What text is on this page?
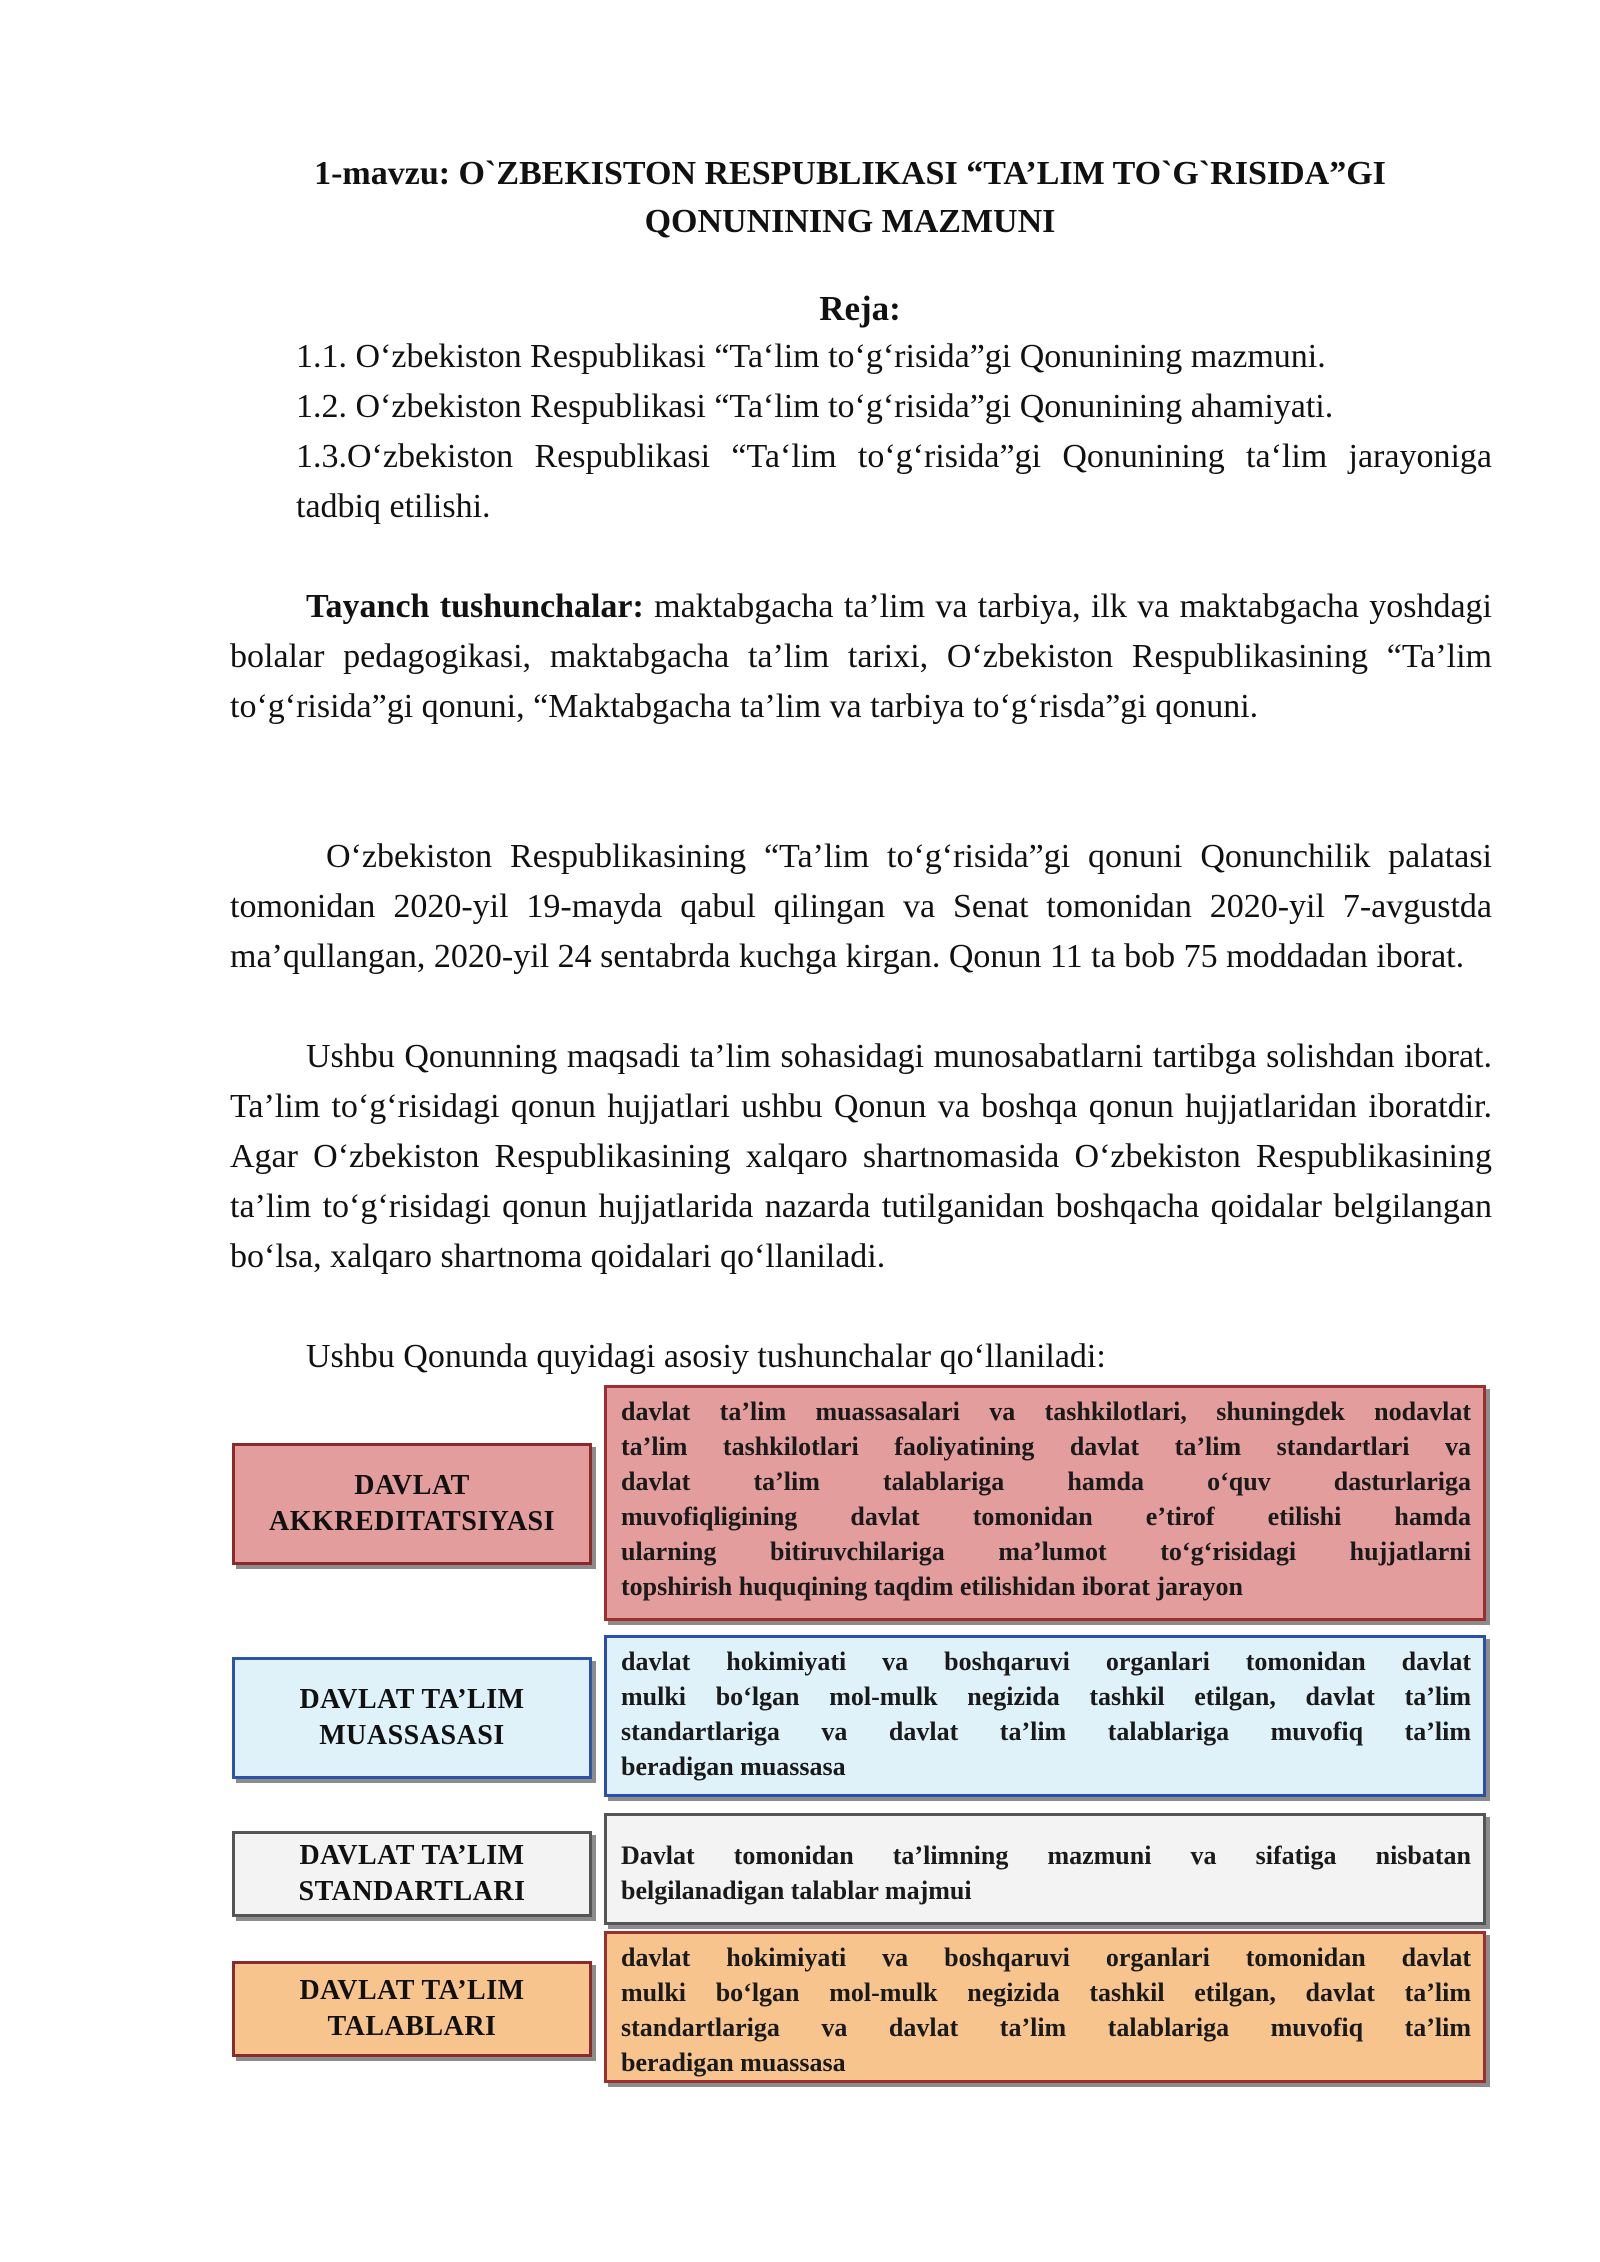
1-mavzu: O`ZBEKISTON RESPUBLIKASI “TA’LIM TO`G`RISIDA”GI
QONUNINING MAZMUNI
Reja:

1.1. O‘zbekiston Respublikasi “Ta‘lim to‘g‘risida”gi Qonunining mazmuni.

1.2. O‘zbekiston Respublikasi “Ta‘lim to‘g‘risida”gi Qonunining ahamiyati.

1.3.O‘zbekiston Respublikasi “Ta‘lim to‘g‘risida”gi Qonunining ta‘lim jarayoniga tadbiq etilishi.

Tayanch tushunchalar: maktabgacha ta’lim va tarbiya, ilk va maktabgacha yoshdagi bolalar pedagogikasi, maktabgacha ta’lim tarixi, O‘zbekiston Respublikasining “Ta’lim to‘g‘risida”gi qonuni, “Maktabgacha ta’lim va tarbiya to‘g‘risda”gi qonuni.

O‘zbekiston Respublikasining “Ta’lim to‘g‘risida”gi qonuni Qonunchilik palatasi tomonidan 2020-yil 19-mayda qabul qilingan va Senat tomonidan 2020-yil 7-avgustda ma’qullangan, 2020-yil 24 sentabrda kuchga kirgan. Qonun 11 ta bob 75 moddadan iborat.

Ushbu Qonunning maqsadi ta’lim sohasidagi munosabatlarni tartibga solishdan iborat. Ta’lim to‘g‘risidagi qonun hujjatlari ushbu Qonun va boshqa qonun hujjatlaridan iboratdir. Agar O‘zbekiston Respublikasining xalqaro shartnomasida O‘zbekiston Respublikasining ta’lim to‘g‘risidagi qonun hujjatlarida nazarda tutilganidan boshqacha qoidalar belgilangan bo‘lsa, xalqaro shartnoma qoidalari qo‘llaniladi.

Ushbu Qonunda quyidagi asosiy tushunchalar qo‘llaniladi:

DAVLAT
AKKREDITATSIYASI
davlat ta’lim muassasalari va tashkilotlari, shuningdek nodavlat
ta’lim tashkilotlari faoliyatining davlat ta’lim standartlari va
davlat ta’lim talablariga hamda o‘quv dasturlariga
muvofiqligining davlat tomonidan e’tirof etilishi hamda
ularning bitiruvchilariga ma’lumot to‘g‘risidagi hujjatlarni
topshirish huquqining taqdim etilishidan iborat jarayon
DAVLAT TA’LIM
MUASSASASI
davlat hokimiyati va boshqaruvi organlari tomonidan davlat
mulki bo‘lgan mol-mulk negizida tashkil etilgan, davlat ta’lim
standartlariga va davlat ta’lim talablariga muvofiq ta’lim
beradigan muassasa
DAVLAT TA’LIM
STANDARTLARI
Davlat tomonidan ta’limning mazmuni va sifatiga nisbatan
belgilanadigan talablar majmui
DAVLAT TA’LIM
TALABLARI
davlat hokimiyati va boshqaruvi organlari tomonidan davlat
mulki bo‘lgan mol-mulk negizida tashkil etilgan, davlat ta’lim
standartlariga va davlat ta’lim talablariga muvofiq ta’lim
beradigan muassasa
